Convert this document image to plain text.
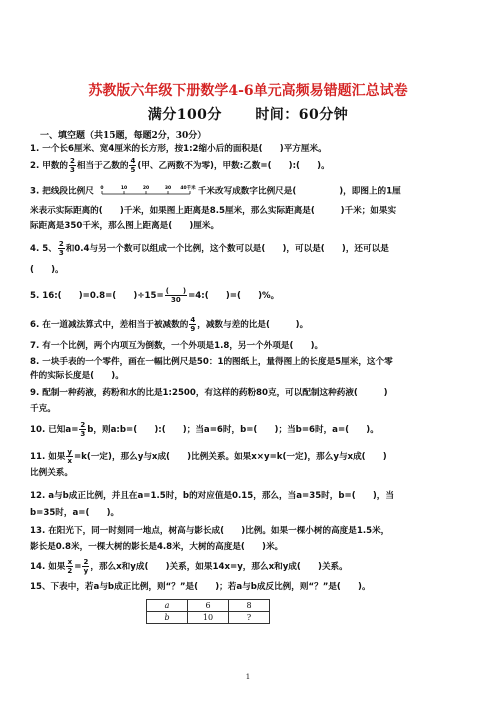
苏教版六年级下册数学4-6单元高频易错题汇总试卷
满分100分 时间：60分钟
一、填空题（共15题，每题2分，30分）
1. 一个长6厘米、宽4厘米的长方形，按1:2缩小后的面积是(　　)平方厘米。
2. 甲数的 $\frac{2}{3}$ 相当于乙数的 $\frac{4}{5}$ (甲、乙两数不为零)，甲数:乙数=(　　):(　　)。
3. 把线段比例尺 0	10	20	30 40千米 千米改写成数字比例尺是(　　　　　)，即图上的1厘
米表示实际距离的(　　)千米，如果图上距离是8.5厘米，那么实际距离是(　　　)千米；如果实
际距离是350千米，那么图上距离是(　　)厘米。
4. 5、 $\frac{2}{3}$ 和0.4与另一个数可以组成一个比例，这个数可以是(　　)，可以是(　　)，还可以是
(　　)。
5. 16:(　　)=0.8=(　　)$\div 15= \frac{( )}{30}$ =4:(　　)=(　　)%。
6. 在一道减法算式中，差相当于被减数的 $\frac{4}{9}$ ，减数与差的比是(　　　)。
7. 有一个比例，两个内项互为倒数，一个外项是1.8，另一个外项是(　　)。
8. 一块手表的一个零件，画在一幅比例尺是50：1的图纸上，量得图上的长度是5厘米，这个零
件的实际长度是(　　)。
9. 配制一种药液，药粉和水的比是1:2500，有这样的药粉80克，可以配制这种药液(　　　)
千克。
10. 已知$a= \frac{2}{3}$ b，则a:b=(　　):(　　)；当a=6时，b=(　　)；当b=6时，a=(　　)。
11. 如果 $\frac{y}{x} =k$(一定)，那么y与x成(　　)比例关系。如果x×y=k(一定)，那么y与x成(　　)
比例关系。
12. a与b成正比例，并且在a=1.5时，b的对应值是0.15，那么，当a=35时，b=(　　)，当
b=35时，a=(　　)。
13. 在阳光下，同一时刻同一地点，树高与影长成(　　)比例。如果一棵小树的高度是1.5米，
影长是0.8米，一棵大树的影长是4.8米，大树的高度是(　　)米。
14. 如果 $\frac{x}{2} = \frac{2}{y}$ ，那么x和y成(　　)关系，如果14x=y，那么x和y成(　　)关系。
15、下表中，若a与b成正比例，则“？”是(　　)；若a与b成反比例，则“？”是(　　)。
a	6	8
b	10	?
1
